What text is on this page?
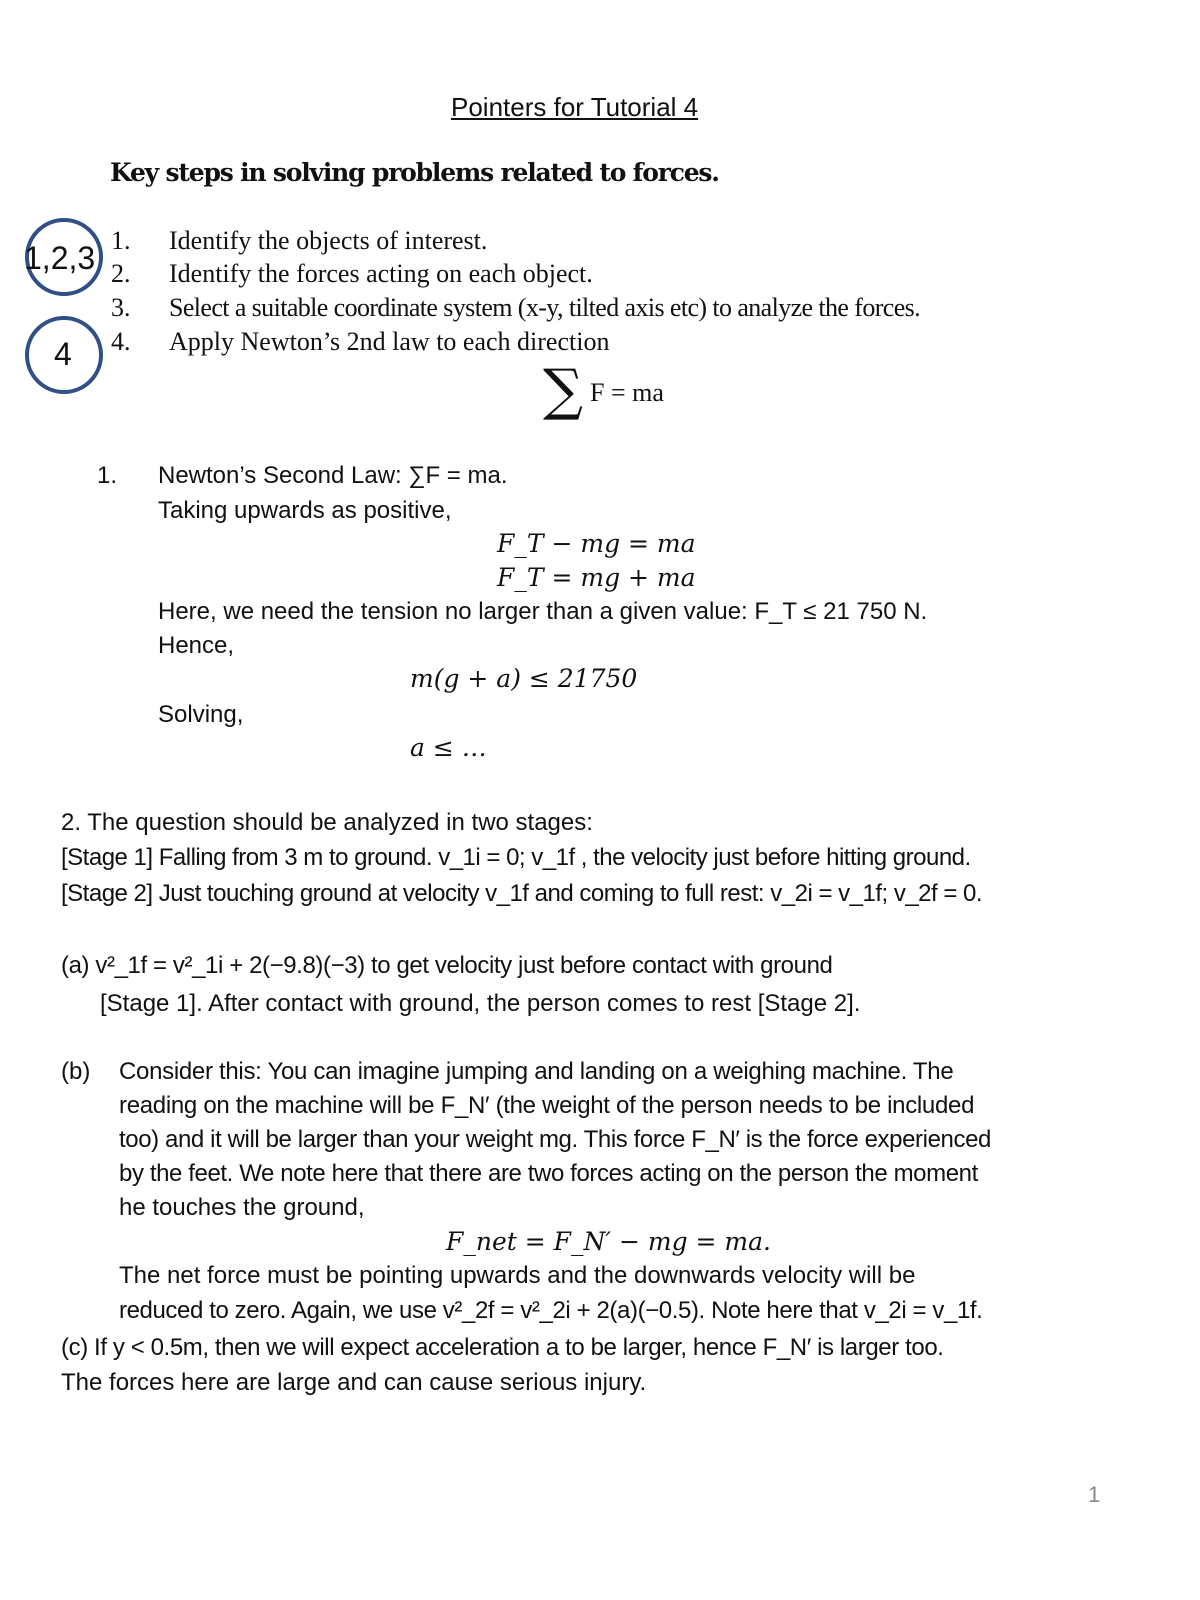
Pointers for Tutorial 4
Key steps in solving problems related to forces.
1,2,3
4
1. Identify the objects of interest.
2. Identify the forces acting on each object.
3. Select a suitable coordinate system (x-y, tilted axis etc) to analyze the forces.
4. Apply Newton’s 2nd law to each direction
∑ F = ma
1. Newton’s Second Law: ∑F = ma.
Taking upwards as positive,
F_T − mg = ma
F_T = mg + ma
Here, we need the tension no larger than a given value: F_T ≤ 21 750 N.
Hence,
m(g + a) ≤ 21750
Solving,
a ≤ …
2. The question should be analyzed in two stages:
[Stage 1] Falling from 3 m to ground. v_1i = 0; v_1f , the velocity just before hitting ground.
[Stage 2] Just touching ground at velocity v_1f and coming to full rest: v_2i = v_1f; v_2f = 0.
(a) v²_1f = v²_1i + 2(−9.8)(−3) to get velocity just before contact with ground
[Stage 1]. After contact with ground, the person comes to rest [Stage 2].
(b) Consider this: You can imagine jumping and landing on a weighing machine. The
reading on the machine will be F_N′ (the weight of the person needs to be included
too) and it will be larger than your weight mg. This force F_N′ is the force experienced
by the feet. We note here that there are two forces acting on the person the moment
he touches the ground,
F_net = F_N′ − mg = ma.
The net force must be pointing upwards and the downwards velocity will be
reduced to zero. Again, we use v²_2f = v²_2i + 2(a)(−0.5). Note here that v_2i = v_1f.
(c) If y < 0.5m, then we will expect acceleration a to be larger, hence F_N′ is larger too.
The forces here are large and can cause serious injury.
1
